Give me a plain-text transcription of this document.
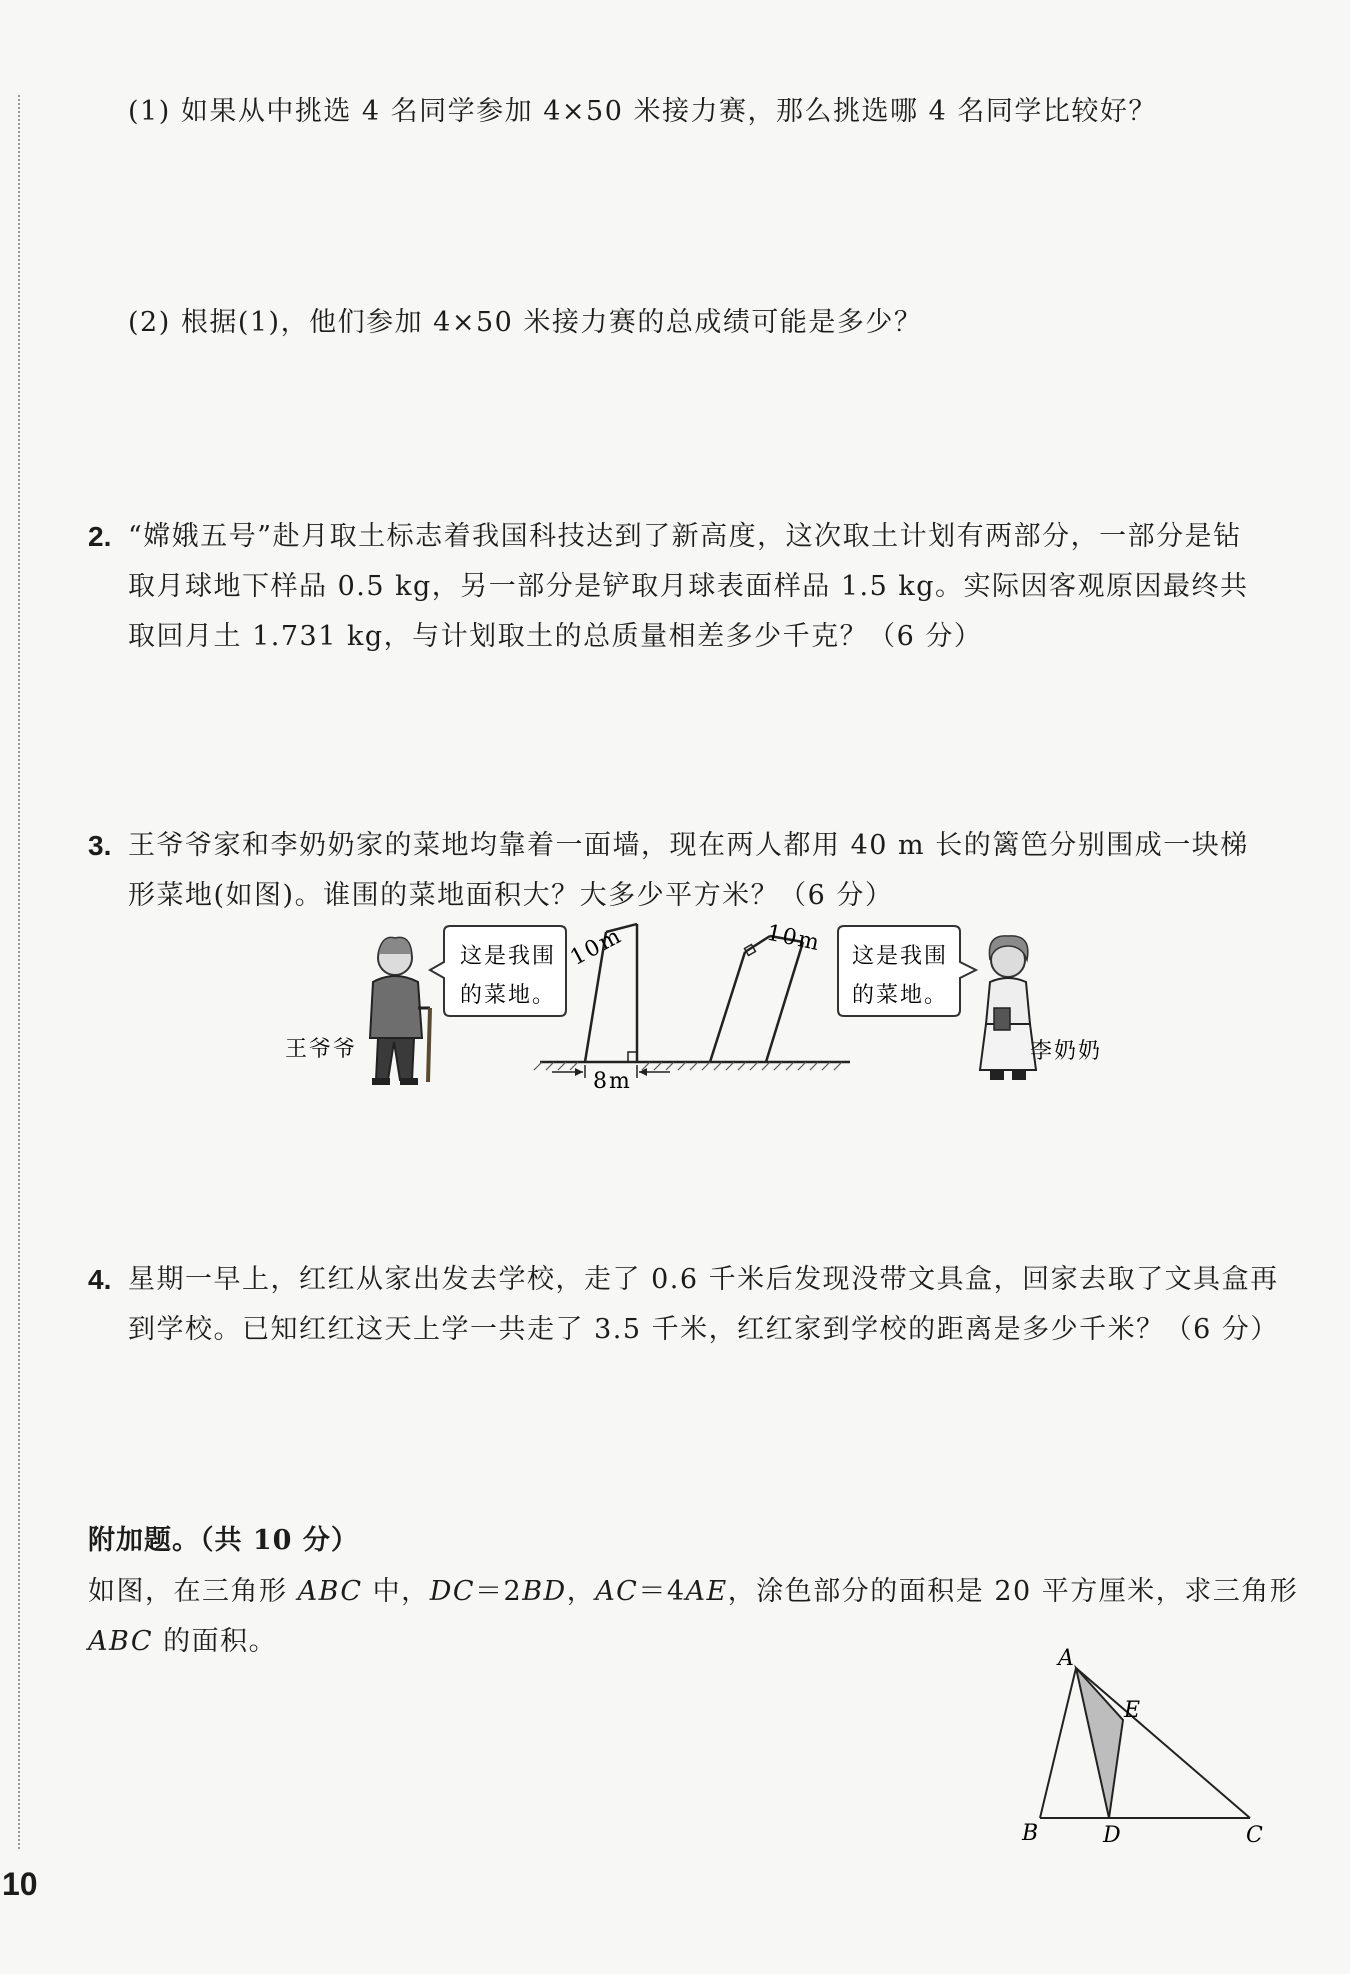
(1) 如果从中挑选 4 名同学参加 4×50 米接力赛，那么挑选哪 4 名同学比较好？
(2) 根据(1)，他们参加 4×50 米接力赛的总成绩可能是多少？
2. “嫦娥五号”赴月取土标志着我国科技达到了新高度，这次取土计划有两部分，一部分是钻
取月球地下样品 0.5 kg，另一部分是铲取月球表面样品 1.5 kg。实际因客观原因最终共
取回月土 1.731 kg，与计划取土的总质量相差多少千克？（6 分）
3. 王爷爷家和李奶奶家的菜地均靠着一面墙，现在两人都用 40 m 长的篱笆分别围成一块梯
形菜地(如图)。谁围的菜地面积大？大多少平方米？（6 分）
这是我围
的菜地。
10m
8m
10m
这是我围
的菜地。
王爷爷	李奶奶
4. 星期一早上，红红从家出发去学校，走了 0.6 千米后发现没带文具盒，回家去取了文具盒再
到学校。已知红红这天上学一共走了 3.5 千米，红红家到学校的距离是多少千米？（6 分）
附加题。（共 10 分）
如图，在三角形 ABC 中，DC＝2BD，AC＝4AE，涂色部分的面积是 20 平方厘米，求三角形
ABC 的面积。
A
E
B	D	C
10
